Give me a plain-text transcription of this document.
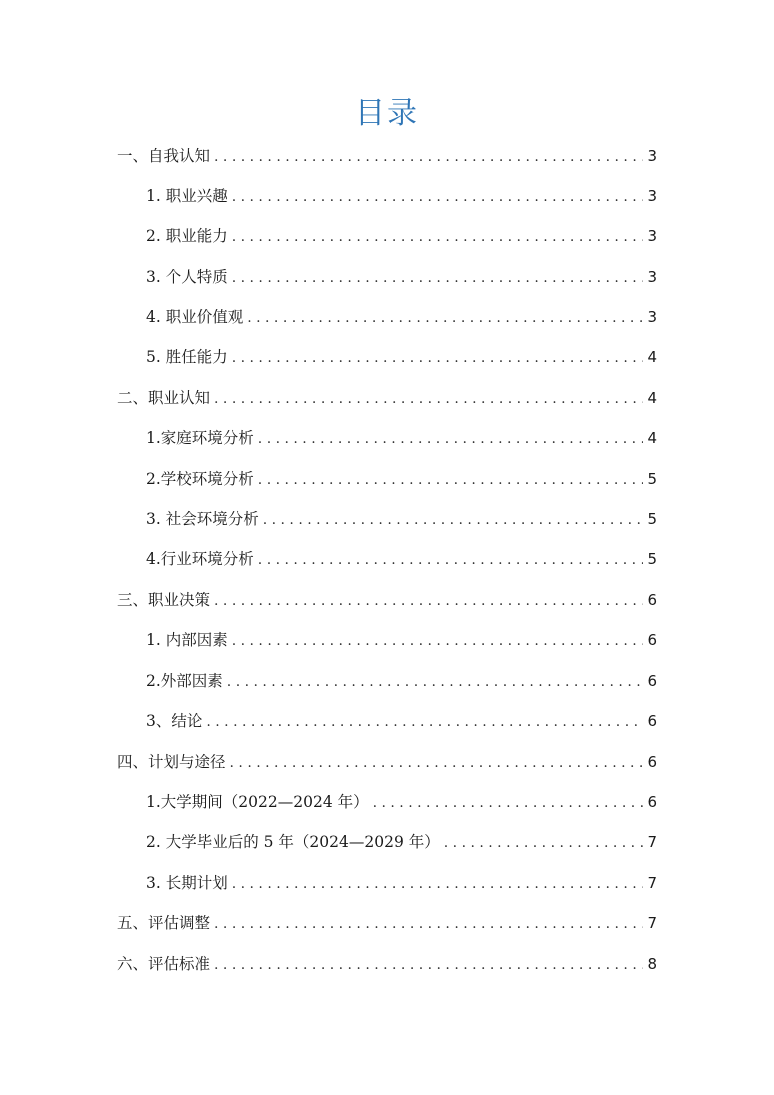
目录
一、自我认知 . . .	3
1. 职业兴趣 . . .	3
2. 职业能力 . . .	3
3. 个人特质 . . .	3
4. 职业价值观 . . .	3
5. 胜任能力 . . .	4
二、职业认知 . . .	4
1.家庭环境分析 . . .	4
2.学校环境分析 . . .	5
3. 社会环境分析 . . .	5
4.行业环境分析 . . .	5
三、职业决策 . . .	6
1. 内部因素 . . .	6
2.外部因素 . . .	6
3、结论 . . .	6
四、计划与途径 . . .	6
1.大学期间（2022—2024 年） . . .	6
2. 大学毕业后的 5 年（2024—2029 年） . . .	7
3. 长期计划 . . .	7
五、评估调整 . . .	7
六、评估标准 . . .	8
